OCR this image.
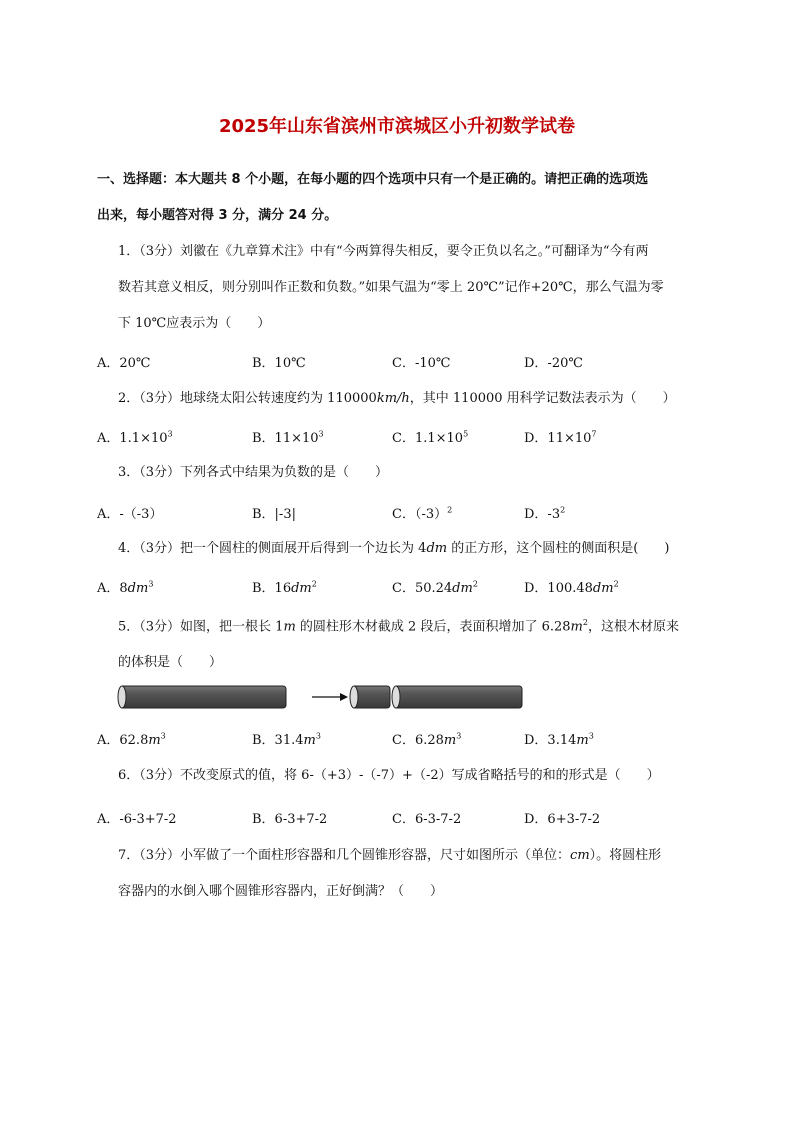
2025年山东省滨州市滨城区小升初数学试卷
一、选择题：本大题共 8 个小题，在每小题的四个选项中只有一个是正确的。请把正确的选项选
出来，每小题答对得 3 分，满分 24 分。
1．（3分）刘徽在《九章算术注》中有“今两算得失相反，要令正负以名之。”可翻译为“今有两
数若其意义相反，则分别叫作正数和负数。”如果气温为“零上 20℃”记作+20℃，那么气温为零
下 10℃应表示为（　　）
A．20℃	B．10℃	C．-10℃	D．-20℃
2．（3分）地球绕太阳公转速度约为 110000km/h，其中 110000 用科学记数法表示为（　　）
A．$1.1\times 10^3$	B．$11\times 10^3$	C．$1.1\times 10^5$	D．$11\times 10^7$
3．（3分）下列各式中结果为负数的是（　　）
A．-（-3）	B．|-3|	C．$(-3)^2$	D．$-3^2$
4．（3分）把一个圆柱的侧面展开后得到一个边长为 4dm 的正方形，这个圆柱的侧面积是(　　)
A．$8dm^3$	B．$16dm^2$	C．$50.24dm^2$	D．$100.48dm^2$
5．（3分）如图，把一根长 1m 的圆柱形木材截成 2 段后，表面积增加了 $6.28m^2$，这根木材原来
的体积是（　　）
A．$62.8m^3$	B．$31.4m^3$	C．$6.28m^3$	D．$3.14m^3$
6．（3分）不改变原式的值，将 6-（+3）-（-7）+（-2）写成省略括号的和的形式是（　　）
A．-6-3+7-2	B．6-3+7-2	C．6-3-7-2	D．6+3-7-2
7．（3分）小军做了一个面柱形容器和几个圆锥形容器，尺寸如图所示（单位：cm）。将圆柱形
容器内的水倒入哪个圆锥形容器内，正好倒满？（　　）
